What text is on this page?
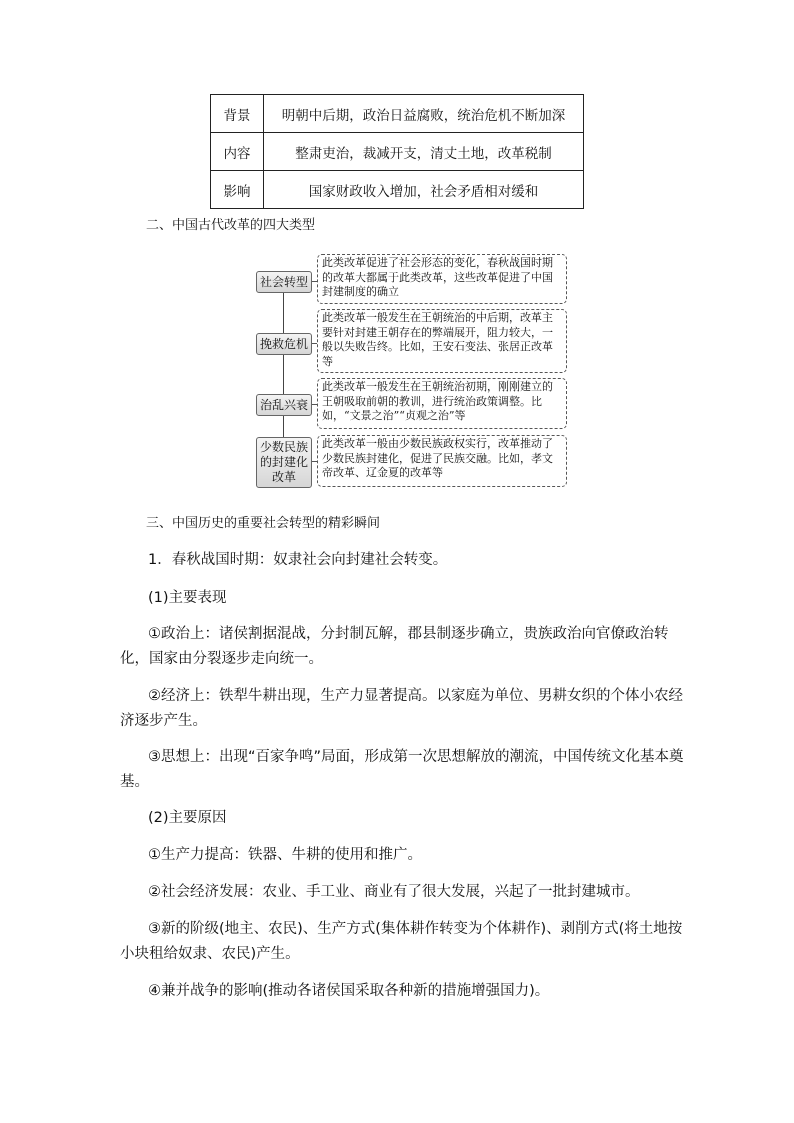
背景	明朝中后期，政治日益腐败，统治危机不断加深
内容	整肃吏治，裁减开支，清丈土地，改革税制
影响	国家财政收入增加，社会矛盾相对缓和
二、中国古代改革的四大类型
社会转型
此类改革促进了社会形态的变化，春秋战国时期的改革大都属于此类改革，这些改革促进了中国封建制度的确立
挽救危机
此类改革一般发生在王朝统治的中后期，改革主要针对封建王朝存在的弊端展开，阻力较大，一般以失败告终。比如，王安石变法、张居正改革等
治乱兴衰
此类改革一般发生在王朝统治初期，刚刚建立的王朝吸取前朝的教训，进行统治政策调整。比如，“文景之治”“贞观之治”等
少数民族的封建化改革
此类改革一般由少数民族政权实行，改革推动了少数民族封建化，促进了民族交融。比如，孝文帝改革、辽金夏的改革等
三、中国历史的重要社会转型的精彩瞬间
1．春秋战国时期：奴隶社会向封建社会转变。
(1)主要表现
①政治上：诸侯割据混战，分封制瓦解，郡县制逐步确立，贵族政治向官僚政治转化，国家由分裂逐步走向统一。
②经济上：铁犁牛耕出现，生产力显著提高。以家庭为单位、男耕女织的个体小农经济逐步产生。
③思想上：出现“百家争鸣”局面，形成第一次思想解放的潮流，中国传统文化基本奠基。
(2)主要原因
①生产力提高：铁器、牛耕的使用和推广。
②社会经济发展：农业、手工业、商业有了很大发展，兴起了一批封建城市。
③新的阶级(地主、农民)、生产方式(集体耕作转变为个体耕作)、剥削方式(将土地按小块租给奴隶、农民)产生。
④兼并战争的影响(推动各诸侯国采取各种新的措施增强国力)。
